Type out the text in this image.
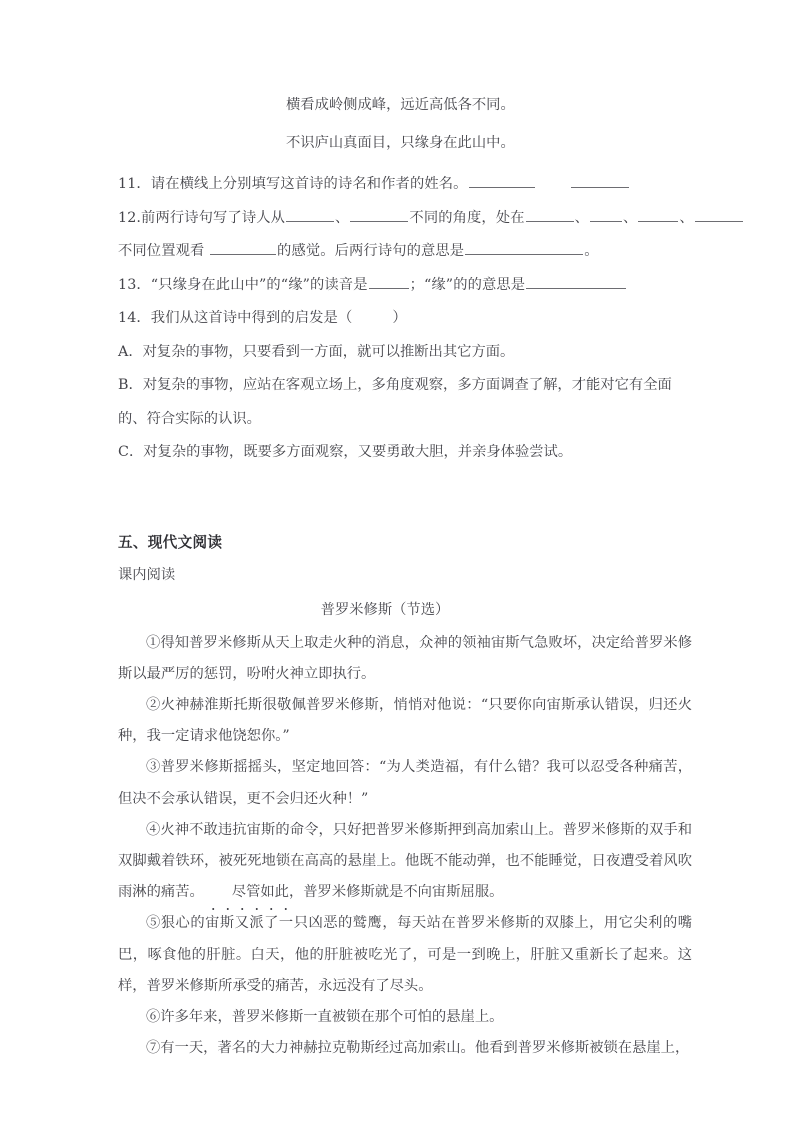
横看成岭侧成峰，远近高低各不同。
不识庐山真面目，只缘身在此山中。
11．请在横线上分别填写这首诗的诗名和作者的姓名。
12.前两行诗句写了诗人从	、	不同的角度，处在	、 、	、
不同位置观看	的感觉。后两行诗句的意思是	。
13．“只缘身在此山中”的“缘”的读音是	；“缘”的的意思是
14．我们从这首诗中得到的启发是（	）
A．对复杂的事物，只要看到一方面，就可以推断出其它方面。
B．对复杂的事物，应站在客观立场上，多角度观察，多方面调查了解，才能对它有全面的、符合实际的认识。
C．对复杂的事物，既要多方面观察，又要勇敢大胆，并亲身体验尝试。
五、现代文阅读
课内阅读
普罗米修斯（节选）

①得知普罗米修斯从天上取走火种的消息，众神的领袖宙斯气急败坏，决定给普罗米修斯以最严厉的惩罚，吩咐火神立即执行。

②火神赫淮斯托斯很敬佩普罗米修斯，悄悄对他说：“只要你向宙斯承认错误，归还火种，我一定请求他饶恕你。”

③普罗米修斯摇摇头，坚定地回答：“为人类造福，有什么错？我可以忍受各种痛苦，但决不会承认错误，更不会归还火种！”

④火神不敢违抗宙斯的命令，只好把普罗米修斯押到高加索山上。普罗米修斯的双手和双脚戴着铁环，被死死地锁在高高的悬崖上。他既不能动弹，也不能睡觉，日夜遭受着风吹雨淋的痛苦。 尽管如此，普罗米修斯就是不向宙斯屈服。

⑤狠心的宙斯又派了一只凶恶的鹫鹰，每天站在普罗米修斯的双膝上，用它尖利的嘴巴，啄食他的肝脏。白天，他的肝脏被吃光了，可是一到晚上，肝脏又重新长了起来。这样，普罗米修斯所承受的痛苦，永远没有了尽头。

⑥许多年来，普罗米修斯一直被锁在那个可怕的悬崖上。

⑦有一天，著名的大力神赫拉克勒斯经过高加索山。他看到普罗米修斯被锁在悬崖上，
